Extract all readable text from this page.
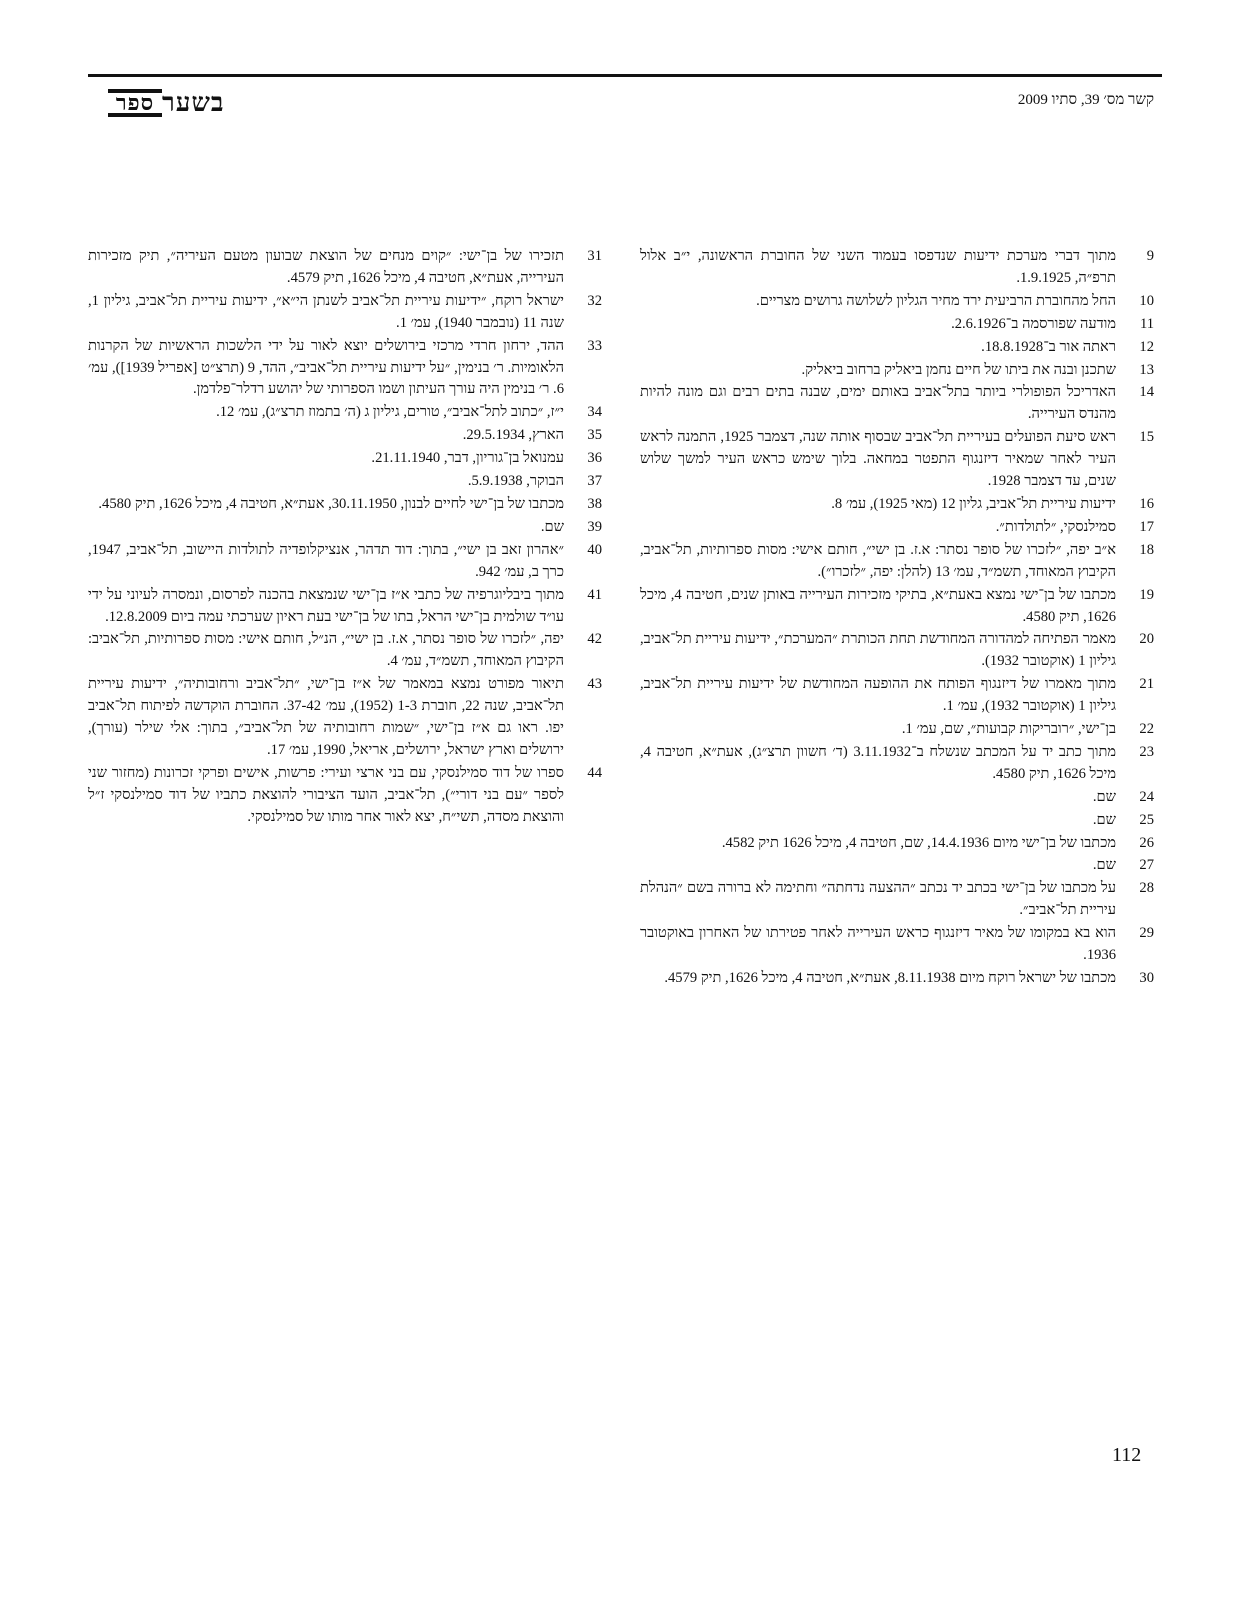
בשער
ספר	קשר מס׳ 39, סתיו 2009
9
מתוך דברי מערכת ידיעות שנדפסו בעמוד השני של החוברת הראשונה, י״ב אלול תרפ״ה, 1.9.1925.
10
החל מהחוברת הרביעית ירד מחיר הגליון לשלושה גרושים מצריים.
11
מודעה שפורסמה ב־2.6.1926.
12
ראתה אור ב־18.8.1928.
13
שתכנן ובנה את ביתו של חיים נחמן ביאליק ברחוב ביאליק.
14
האדריכל הפופולרי ביותר בתל־אביב באותם ימים, שבנה בתים רבים וגם מונה להיות מהנדס העירייה.
15
ראש סיעת הפועלים בעיריית תל־אביב שבסוף אותה שנה, דצמבר 1925, התמנה לראש העיר לאחר שמאיר דיזנגוף התפטר במחאה. בלוך שימש כראש העיר למשך שלוש שנים, עד דצמבר 1928.
16
ידיעות עיריית תל־אביב, גליון 12 (מאי 1925), עמ׳ 8.
17
סמילנסקי, ״לתולדות״.
18
א״ב יפה, ״לזכרו של סופר נסתר: א.ז. בן ישי״, חותם אישי: מסות ספרותיות, תל־אביב, הקיבוץ המאוחד, תשמ״ד, עמ׳ 13 (להלן: יפה, ״לזכרו״).
19
מכתבו של בן־ישי נמצא באעת״א, בתיקי מזכירות העירייה באותן שנים, חטיבה 4, מיכל 1626, תיק 4580.
20
מאמר הפתיחה למהדורה המחודשת תחת הכותרת ״המערכת״, ידיעות עיריית תל־אביב, גיליון 1 (אוקטובר 1932).
21
מתוך מאמרו של דיזנגוף הפותח את ההופעה המחודשת של ידיעות עיריית תל־אביב, גיליון 1 (אוקטובר 1932), עמ׳ 1.
22
בן־ישי, ״רובריקות קבועות״, שם, עמ׳ 1.
23
מתוך כתב יד על המכתב שנשלח ב־3.11.1932 (ד׳ חשוון תרצ״ג), אעת״א, חטיבה 4, מיכל 1626, תיק 4580.
24
שם.
25
שם.
26
מכתבו של בן־ישי מיום 14.4.1936, שם, חטיבה 4, מיכל 1626 תיק 4582.
27
שם.
28
על מכתבו של בן־ישי בכתב יד נכתב ״ההצעה נדחתה״ וחתימה לא ברורה בשם ״הנהלת עיריית תל־אביב״.
29
הוא בא במקומו של מאיר דיזנגוף כראש העירייה לאחר פטירתו של האחרון באוקטובר 1936.
30
מכתבו של ישראל רוקח מיום 8.11.1938, אעת״א, חטיבה 4, מיכל 1626, תיק 4579.
31
תזכירו של בן־ישי: ״קוים מנחים של הוצאת שבועון מטעם העיריה״, תיק מזכירות העירייה, אעת״א, חטיבה 4, מיכל 1626, תיק 4579.
32
ישראל רוקח, ״ידיעות עיריית תל־אביב לשנתן הי״א״, ידיעות עיריית תל־אביב, גיליון 1, שנה 11 (נובמבר 1940), עמ׳ 1.
33
ההד, ירחון חרדי מרכזי בירושלים יוצא לאור על ידי הלשכות הראשיות של הקרנות הלאומיות. ר׳ בנימין, ״על ידיעות עיריית תל־אביב״, ההד, 9 (תרצ״ט [אפריל 1939]), עמ׳ 6. ר׳ בנימין היה עורך העיתון ושמו הספרותי של יהושע רדלר־פלדמן.
34
י״ז, ״כתוב לתל־אביב״, טורים, גיליון ג (ה׳ בתמוז תרצ״ג), עמ׳ 12.
35
הארץ, 29.5.1934.
36
עמנואל בן־גוריון, דבר, 21.11.1940.
37
הבוקר, 5.9.1938.
38
מכתבו של בן־ישי לחיים לבנון, 30.11.1950, אעת״א, חטיבה 4, מיכל 1626, תיק 4580.
39
שם.
40
״אהרון זאב בן ישי״, בתוך: דוד תדהר, אנציקלופדיה לתולדות היישוב, תל־אביב, 1947, כרך ב, עמ׳ 942.
41
מתוך ביבליוגרפיה של כתבי א״ז בן־ישי שנמצאת בהכנה לפרסום, ונמסרה לעיוני על ידי עו״ד שולמית בן־ישי הראל, בתו של בן־ישי בעת ראיון שערכתי עמה ביום 12.8.2009.
42
יפה, ״לזכרו של סופר נסתר, א.ז. בן ישי״, הנ״ל, חותם אישי: מסות ספרותיות, תל־אביב: הקיבוץ המאוחד, תשמ״ד, עמ׳ 4.
43
תיאור מפורט נמצא במאמר של א״ז בן־ישי, ״תל־אביב ורחובותיה״, ידיעות עיריית תל־אביב, שנה 22, חוברת 1-3 (1952), עמ׳ 37-42. החוברת הוקדשה לפיתוח תל־אביב יפו. ראו גם א״ז בן־ישי, ״שמות רחובותיה של תל־אביב״, בתוך: אלי שילר (עורך), ירושלים וארץ ישראל, ירושלים, אריאל, 1990, עמ׳ 17.
44
ספרו של דוד סמילנסקי, עם בני ארצי ועירי: פרשות, אישים ופרקי זכרונות (מחזור שני לספר ״עם בני דורי״), תל־אביב, הועד הציבורי להוצאת כתביו של דוד סמילנסקי ז״ל והוצאת מסדה, תשי״ח, יצא לאור אחר מותו של סמילנסקי.
112
